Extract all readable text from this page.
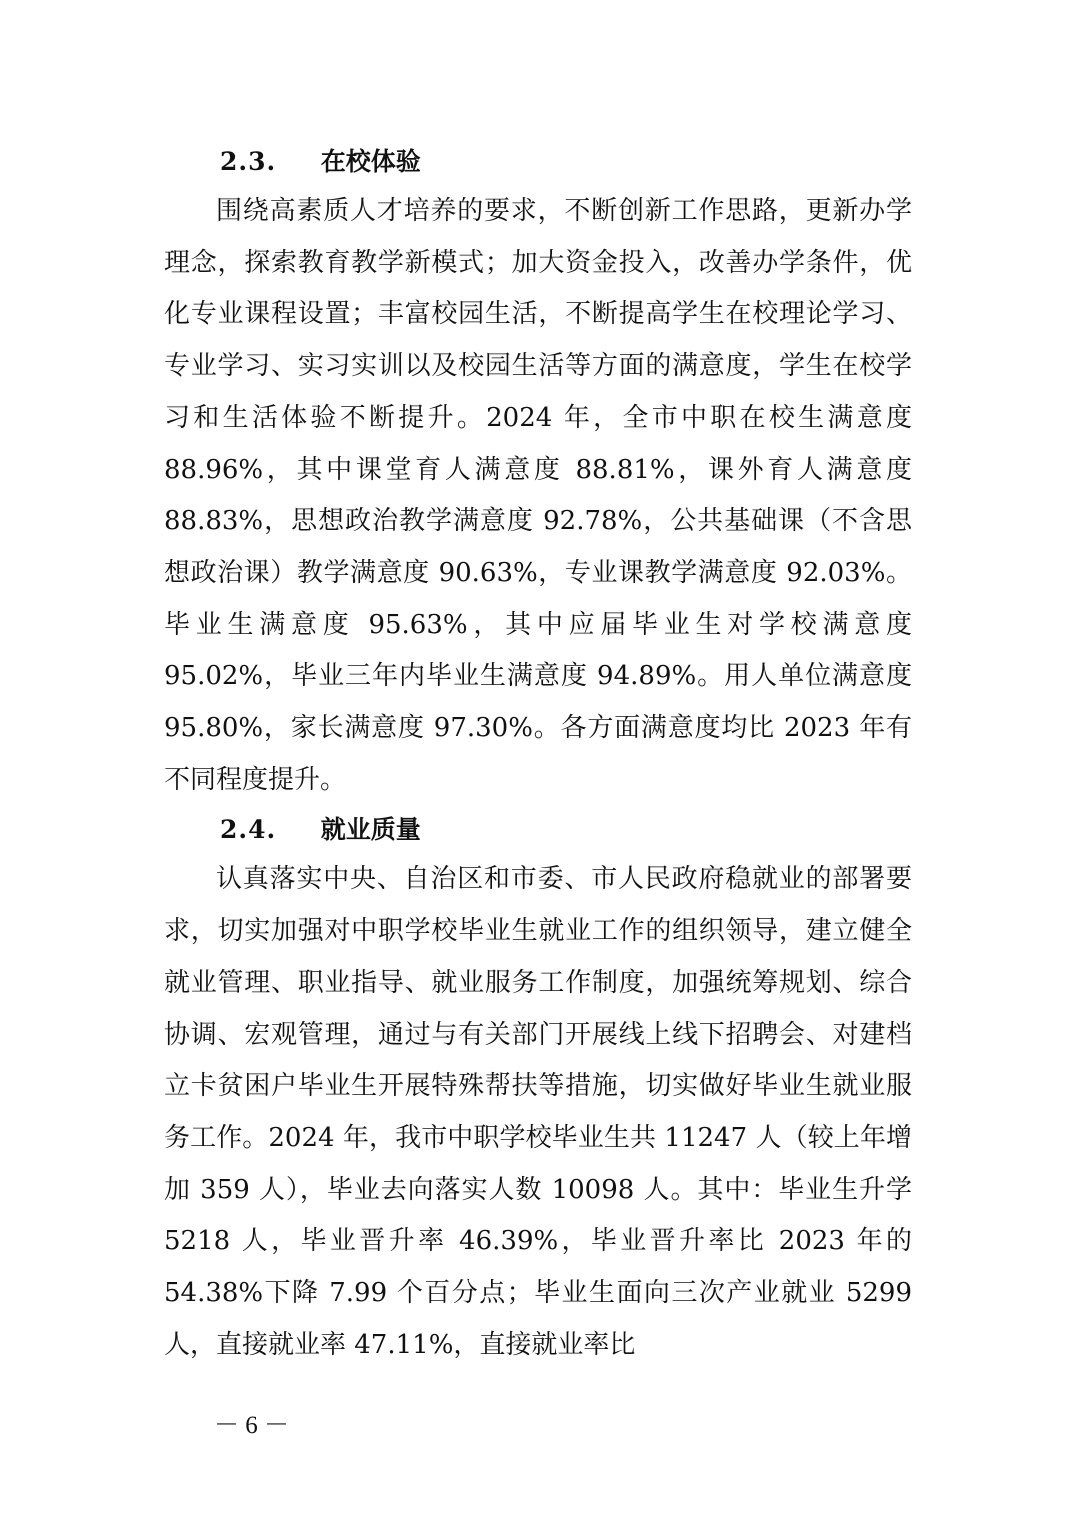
2.3. 在校体验

围绕高素质人才培养的要求，不断创新工作思路，更新办学理念，探索教育教学新模式；加大资金投入，改善办学条件，优化专业课程设置；丰富校园生活，不断提高学生在校理论学习、专业学习、实习实训以及校园生活等方面的满意度，学生在校学习和生活体验不断提升。2024 年，全市中职在校生满意度 88.96%，其中课堂育人满意度 88.81%，课外育人满意度 88.83%，思想政治教学满意度 92.78%，公共基础课（不含思想政治课）教学满意度 90.63%，专业课教学满意度 92.03%。毕业生满意度 95.63%，其中应届毕业生对学校满意度 95.02%，毕业三年内毕业生满意度 94.89%。用人单位满意度 95.80%，家长满意度 97.30%。各方面满意度均比 2023 年有不同程度提升。

2.4. 就业质量

认真落实中央、自治区和市委、市人民政府稳就业的部署要求，切实加强对中职学校毕业生就业工作的组织领导，建立健全就业管理、职业指导、就业服务工作制度，加强统筹规划、综合协调、宏观管理，通过与有关部门开展线上线下招聘会、对建档立卡贫困户毕业生开展特殊帮扶等措施，切实做好毕业生就业服务工作。2024 年，我市中职学校毕业生共 11247 人（较上年增加 359 人），毕业去向落实人数 10098 人。其中：毕业生升学 5218 人，毕业晋升率 46.39%，毕业晋升率比 2023 年的 54.38%下降 7.99 个百分点；毕业生面向三次产业就业 5299 人，直接就业率 47.11%，直接就业率比

－ 6 －
